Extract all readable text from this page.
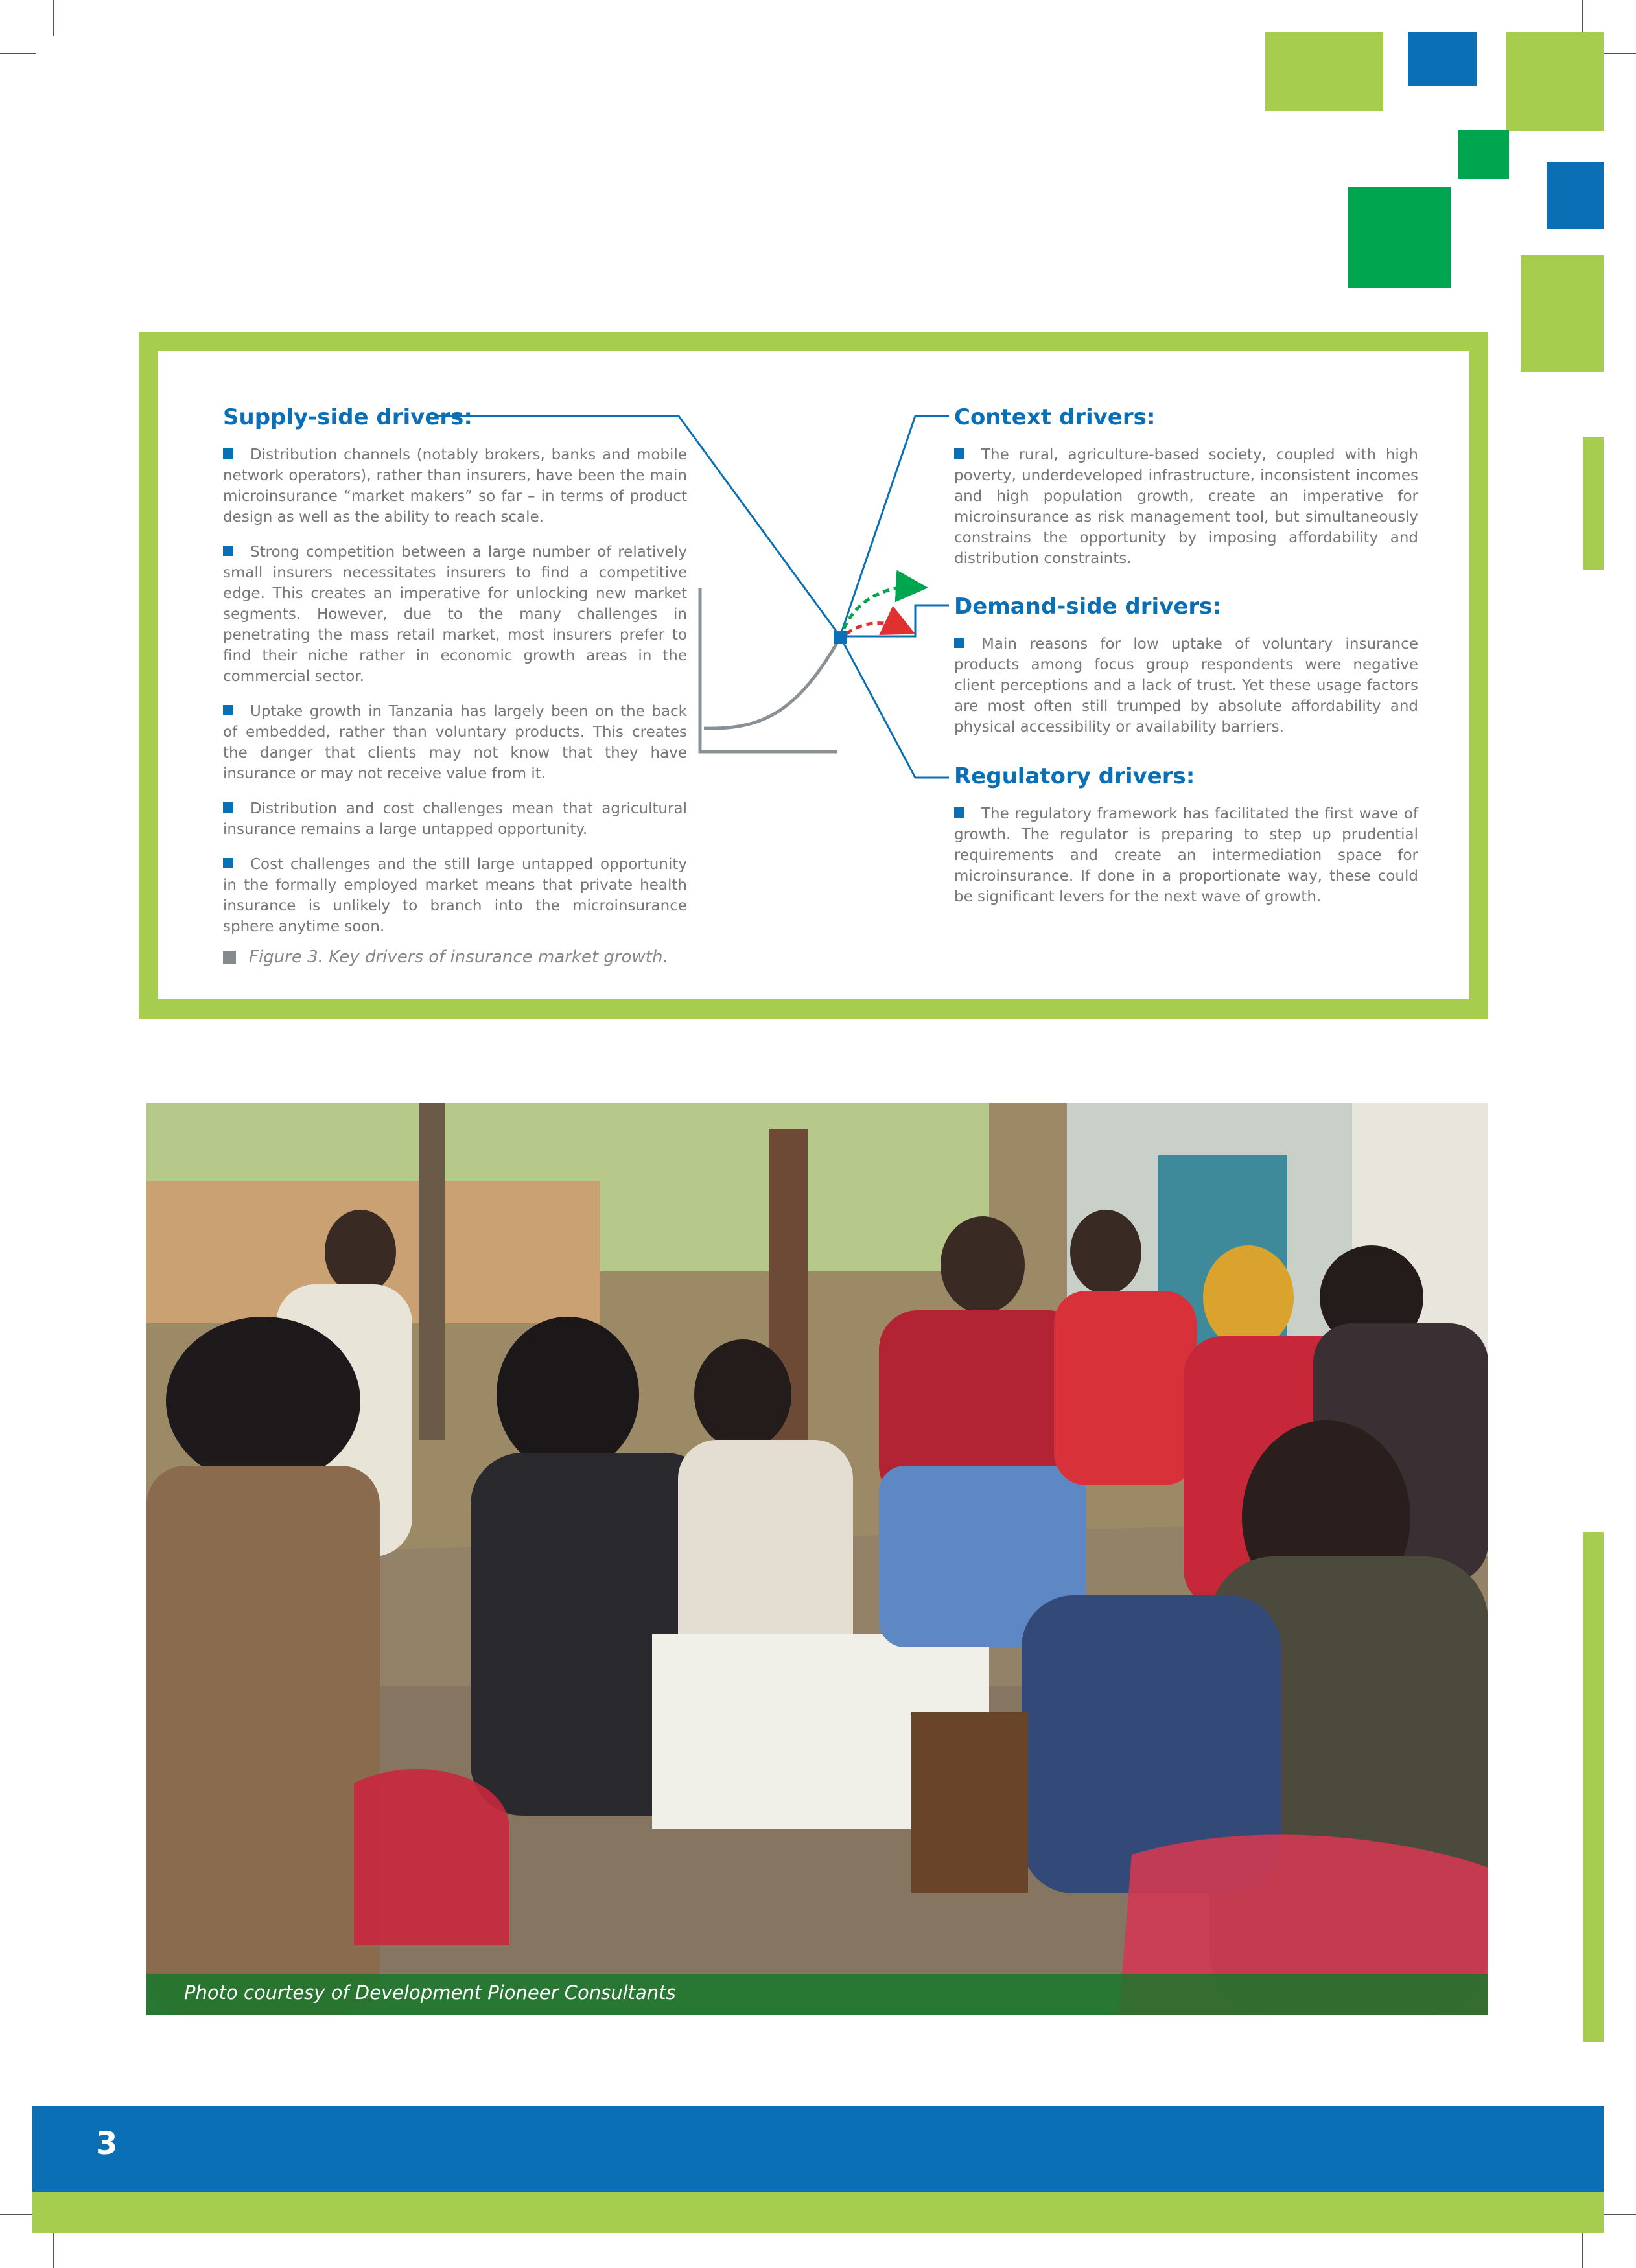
Supply-side drivers:

Distribution channels (notably brokers, banks and mobile network operators), rather than insurers, have been the main microinsurance “market makers” so far – in terms of product design as well as the ability to reach scale.

Strong competition between a large number of relatively small insurers necessitates insurers to find a competitive edge. This creates an imperative for unlocking new market segments. However, due to the many challenges in penetrating the mass retail market, most insurers prefer to find their niche rather in economic growth areas in the commercial sector.

Uptake growth in Tanzania has largely been on the back of embedded, rather than voluntary products. This creates the danger that clients may not know that they have insurance or may not receive value from it.

Distribution and cost challenges mean that agricultural insurance remains a large untapped opportunity.

Cost challenges and the still large untapped opportunity in the formally employed market means that private health insurance is unlikely to branch into the microinsurance sphere anytime soon.

Context drivers:

The rural, agriculture-based society, coupled with high poverty, underdeveloped infrastructure, inconsistent incomes and high population growth, create an imperative for microinsurance as risk management tool, but simultaneously constrains the opportunity by imposing affordability and distribution constraints.

Demand-side drivers:

Main reasons for low uptake of voluntary insurance products among focus group respondents were negative client perceptions and a lack of trust. Yet these usage factors are most often still trumped by absolute affordability and physical accessibility or availability barriers.

Regulatory drivers:

The regulatory framework has facilitated the first wave of growth. The regulator is preparing to step up prudential requirements and create an intermediation space for microinsurance. If done in a proportionate way, these could be significant levers for the next wave of growth.

Figure 3. Key drivers of insurance market growth.
Photo courtesy of Development Pioneer Consultants
3
